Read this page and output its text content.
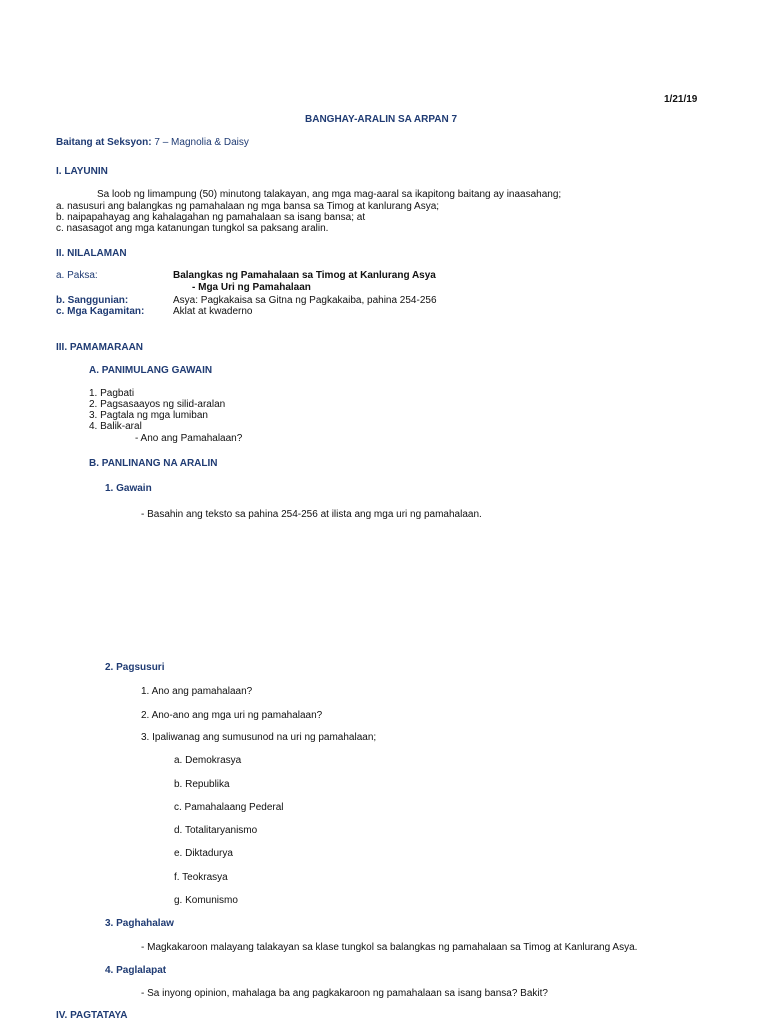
1/21/19
BANGHAY-ARALIN SA ARPAN 7
Baitang at Seksyon: 7 – Magnolia & Daisy
I. LAYUNIN
Sa loob ng limampung (50) minutong talakayan, ang mga mag-aaral sa ikapitong baitang ay inaasahang;
a. nasusuri ang balangkas ng pamahalaan ng mga bansa sa Timog at kanlurang Asya;
b. naipapahayag ang kahalagahan ng pamahalaan sa isang bansa; at
c. nasasagot ang mga katanungan tungkol sa paksang aralin.
II. NILALAMAN
a. Paksa:	Balangkas ng Pamahalaan sa Timog at Kanlurang Asya
- Mga Uri ng Pamahalaan
b. Sanggunian:	Asya: Pagkakaisa sa Gitna ng Pagkakaiba, pahina 254-256
c. Mga Kagamitan:	Aklat at kwaderno
III. PAMAMARAAN
A. PANIMULANG GAWAIN
1. Pagbati
2. Pagsasaayos ng silid-aralan
3. Pagtala ng mga lumiban
4. Balik-aral
- Ano ang Pamahalaan?
B. PANLINANG NA ARALIN
1. Gawain
- Basahin ang teksto sa pahina 254-256 at ilista ang mga uri ng pamahalaan.
2. Pagsusuri
1. Ano ang pamahalaan?
2. Ano-ano ang mga uri ng pamahalaan?
3. Ipaliwanag ang sumusunod na uri ng pamahalaan;
a. Demokrasya
b. Republika
c. Pamahalaang Pederal
d. Totalitaryanismo
e. Diktadurya
f. Teokrasya
g. Komunismo
3. Paghahalaw
- Magkakaroon malayang talakayan sa klase tungkol sa balangkas ng pamahalaan sa Timog at Kanlurang Asya.
4. Paglalapat
- Sa inyong opinion, mahalaga ba ang pagkakaroon ng pamahalaan sa isang bansa? Bakit?
IV. PAGTATAYA
